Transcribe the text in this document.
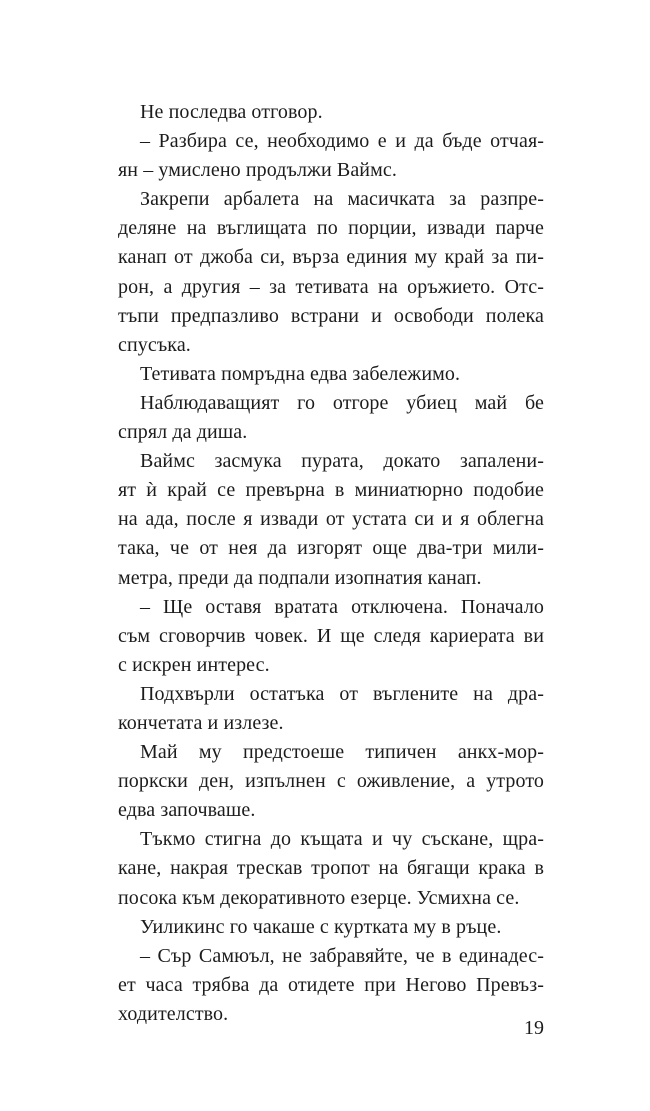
Не последва отговор.
– Разбира се, необходимо е и да бъде отчая-
ян – умислено продължи Ваймс.
Закрепи арбалета на масичката за разпре-
деляне на въглищата по порции, извади парче
канап от джоба си, върза единия му край за пи-
рон, а другия – за тетивата на оръжието. Отс-
тъпи предпазливо встрани и освободи полека
спусъка.
Тетивата помръдна едва забележимо.
Наблюдаващият го отгоре убиец май бе
спрял да диша.
Ваймс засмука пурата, докато запалени-
ят ѝ край се превърна в миниатюрно подобие
на ада, после я извади от устата си и я облегна
така, че от нея да изгорят още два-три мили-
метра, преди да подпали изопнатия канап.
– Ще оставя вратата отключена. Поначало
съм сговорчив човек. И ще следя кариерата ви
с искрен интерес.
Подхвърли остатъка от въглените на дра-
кончетата и излезе.
Май му предстоеше типичен анкх-мор-
поркски ден, изпълнен с оживление, а утрото
едва започваше.
Тъкмо стигна до къщата и чу съскане, щра-
кане, накрая трескав тропот на бягащи крака в
посока към декоративното езерце. Усмихна се.
Уиликинс го чакаше с куртката му в ръце.
– Сър Самюъл, не забравяйте, че в единадес-
ет часа трябва да отидете при Негово Превъз-
ходителство.
19
